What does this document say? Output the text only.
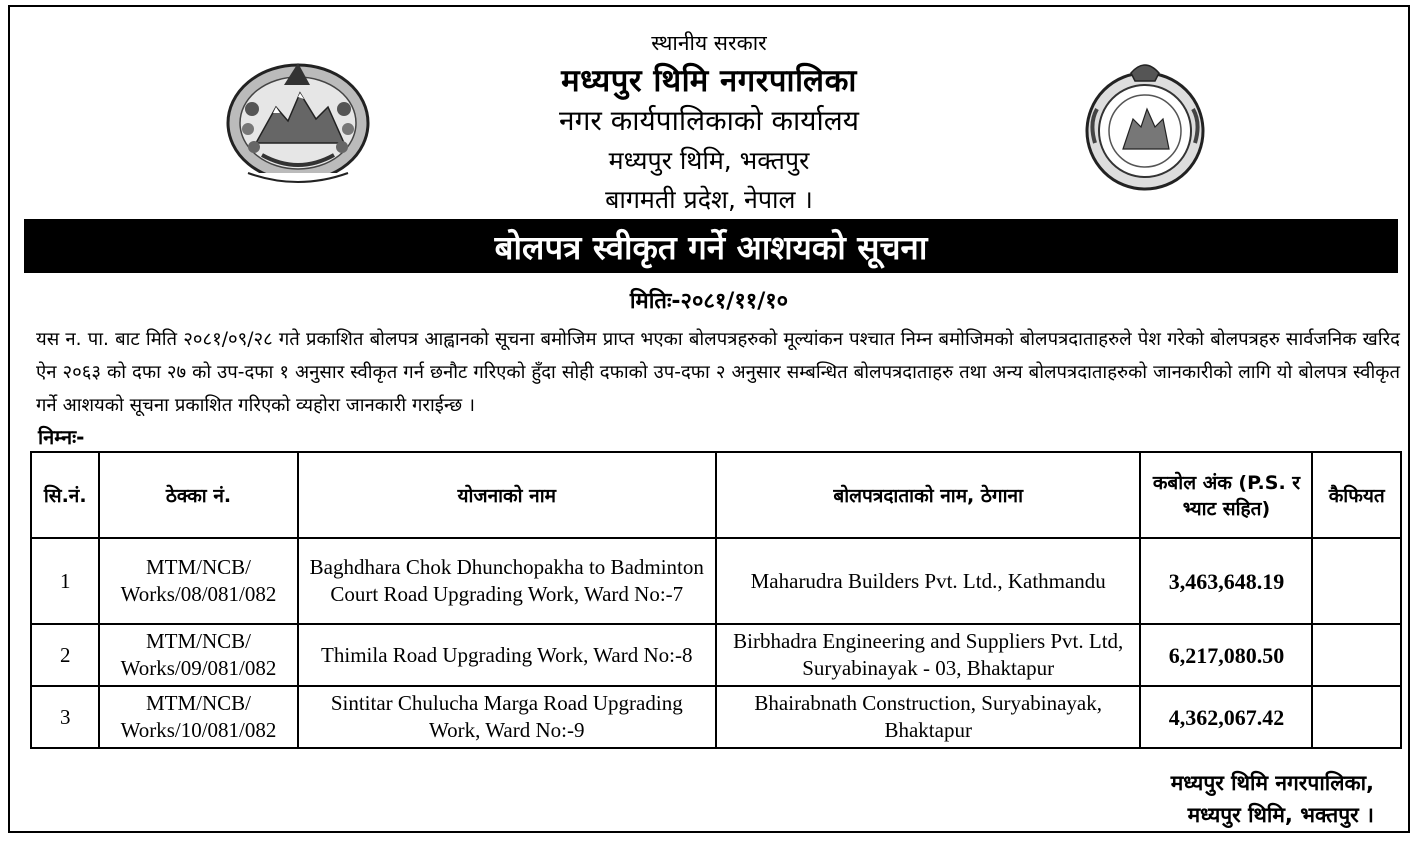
स्थानीय सरकार
मध्यपुर थिमि नगरपालिका
नगर कार्यपालिकाको कार्यालय
मध्यपुर थिमि, भक्तपुर
बागमती प्रदेश, नेपाल ।
बोलपत्र स्वीकृत गर्ने आशयको सूचना
मितिः-२०८१/११/१०
यस न. पा. बाट मिति २०८१/०९/२८ गते प्रकाशित बोलपत्र आह्वानको सूचना बमोजिम प्राप्त भएका बोलपत्रहरुको मूल्यांकन पश्चात निम्न बमोजिमको बोलपत्रदाताहरुले पेश गरेको बोलपत्रहरु सार्वजनिक खरिद ऐन २०६३ को दफा २७ को उप-दफा १ अनुसार स्वीकृत गर्न छनौट गरिएको हुँदा सोही दफाको उप-दफा २ अनुसार सम्बन्धित बोलपत्रदाताहरु तथा अन्य बोलपत्रदाताहरुको जानकारीको लागि यो बोलपत्र स्वीकृत गर्ने आशयको सूचना प्रकाशित गरिएको व्यहोरा जानकारी गराईन्छ ।
निम्नः-
सि.नं.	ठेक्का नं.	योजनाको नाम	बोलपत्रदाताको नाम, ठेगाना	कबोल अंक (P.S. र भ्याट सहित)	कैफियत
1	MTM/NCB/ Works/08/081/082	Baghdhara Chok Dhunchopakha to Badminton Court Road Upgrading Work, Ward No:-7	Maharudra Builders Pvt. Ltd., Kathmandu	3,463,648.19	
2	MTM/NCB/ Works/09/081/082	Thimila Road Upgrading Work, Ward No:-8	Birbhadra Engineering and Suppliers Pvt. Ltd, Suryabinayak - 03, Bhaktapur	6,217,080.50	
3	MTM/NCB/ Works/10/081/082	Sintitar Chulucha Marga Road Upgrading Work, Ward No:-9	Bhairabnath Construction, Suryabinayak, Bhaktapur	4,362,067.42	
मध्यपुर थिमि नगरपालिका,
मध्यपुर थिमि, भक्तपुर ।
